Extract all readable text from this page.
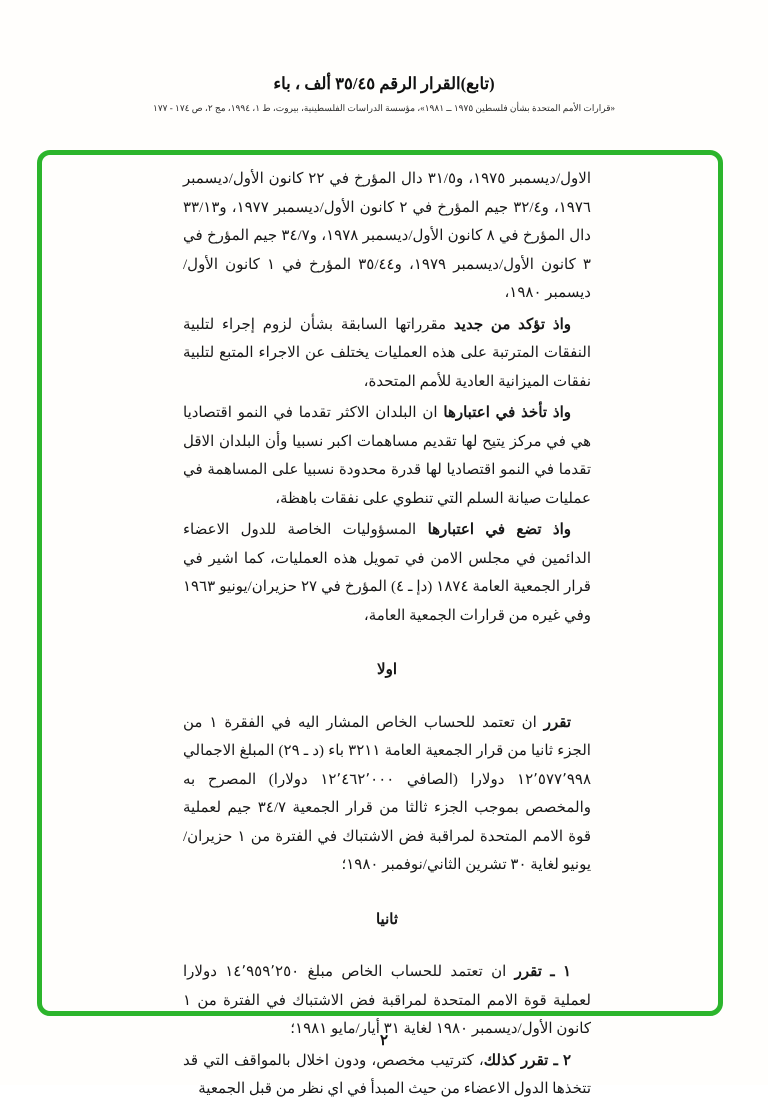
(تابع)القرار الرقم ٣٥/٤٥ ألف ، باء
«قرارات الأمم المتحدة بشأن فلسطين ١٩٧٥ ــ ١٩٨١»، مؤسسة الدراسات الفلسطينية، بيروت، ط ١، ١٩٩٤، مج ٢، ص ١٧٤ - ١٧٧

الاول/ديسمبر ١٩٧٥، و٣١/٥ دال المؤرخ في ٢٢ كانون الأول/ديسمبر ١٩٧٦، و٣٢/٤ جيم المؤرخ في ٢ كانون الأول/ديسمبر ١٩٧٧، و٣٣/١٣ دال المؤرخ في ٨ كانون الأول/ديسمبر ١٩٧٨، و٣٤/٧ جيم المؤرخ في ٣ كانون الأول/ديسمبر ١٩٧٩، و٣٥/٤٤ المؤرخ في ١ كانون الأول/ديسمبر ١٩٨٠،

واذ تؤكد من جديد مقرراتها السابقة بشأن لزوم إجراء لتلبية النفقات المترتبة على هذه العمليات يختلف عن الاجراء المتبع لتلبية نفقات الميزانية العادية للأمم المتحدة،

واذ تأخذ في اعتبارها ان البلدان الاكثر تقدما في النمو اقتصاديا هي في مركز يتيح لها تقديم مساهمات اكبر نسبيا وأن البلدان الاقل تقدما في النمو اقتصاديا لها قدرة محدودة نسبيا على المساهمة في عمليات صيانة السلم التي تنطوي على نفقات باهظة،

واذ تضع في اعتبارها المسؤوليات الخاصة للدول الاعضاء الدائمين في مجلس الامن في تمويل هذه العمليات، كما اشير في قرار الجمعية العامة ١٨٧٤ (دإ ـ ٤) المؤرخ في ٢٧ حزيران/يونيو ١٩٦٣ وفي غيره من قرارات الجمعية العامة،

اولا

تقرر ان تعتمد للحساب الخاص المشار اليه في الفقرة ١ من الجزء ثانيا من قرار الجمعية العامة ٣٢١١ باء (د ـ ٢٩) المبلغ الاجمالي ١٢٬٥٧٧٬٩٩٨ دولارا (الصافي ١٢٬٤٦٢٬٠٠٠ دولارا) المصرح به والمخصص بموجب الجزء ثالثا من قرار الجمعية ٣٤/٧ جيم لعملية قوة الامم المتحدة لمراقبة فض الاشتباك في الفترة من ١ حزيران/يونيو لغاية ٣٠ تشرين الثاني/نوفمبر ١٩٨٠؛

ثانيا

١ ـ تقرر ان تعتمد للحساب الخاص مبلغ ١٤٬٩٥٩٬٢٥٠ دولارا لعملية قوة الامم المتحدة لمراقبة فض الاشتباك في الفترة من ١ كانون الأول/ديسمبر ١٩٨٠ لغاية ٣١ أيار/مايو ١٩٨١؛

٢ ـ تقرر كذلك، كترتيب مخصص، ودون اخلال بالمواقف التي قد تتخذها الدول الاعضاء من حيث المبدأ في اي نظر من قبل الجمعية

٢
